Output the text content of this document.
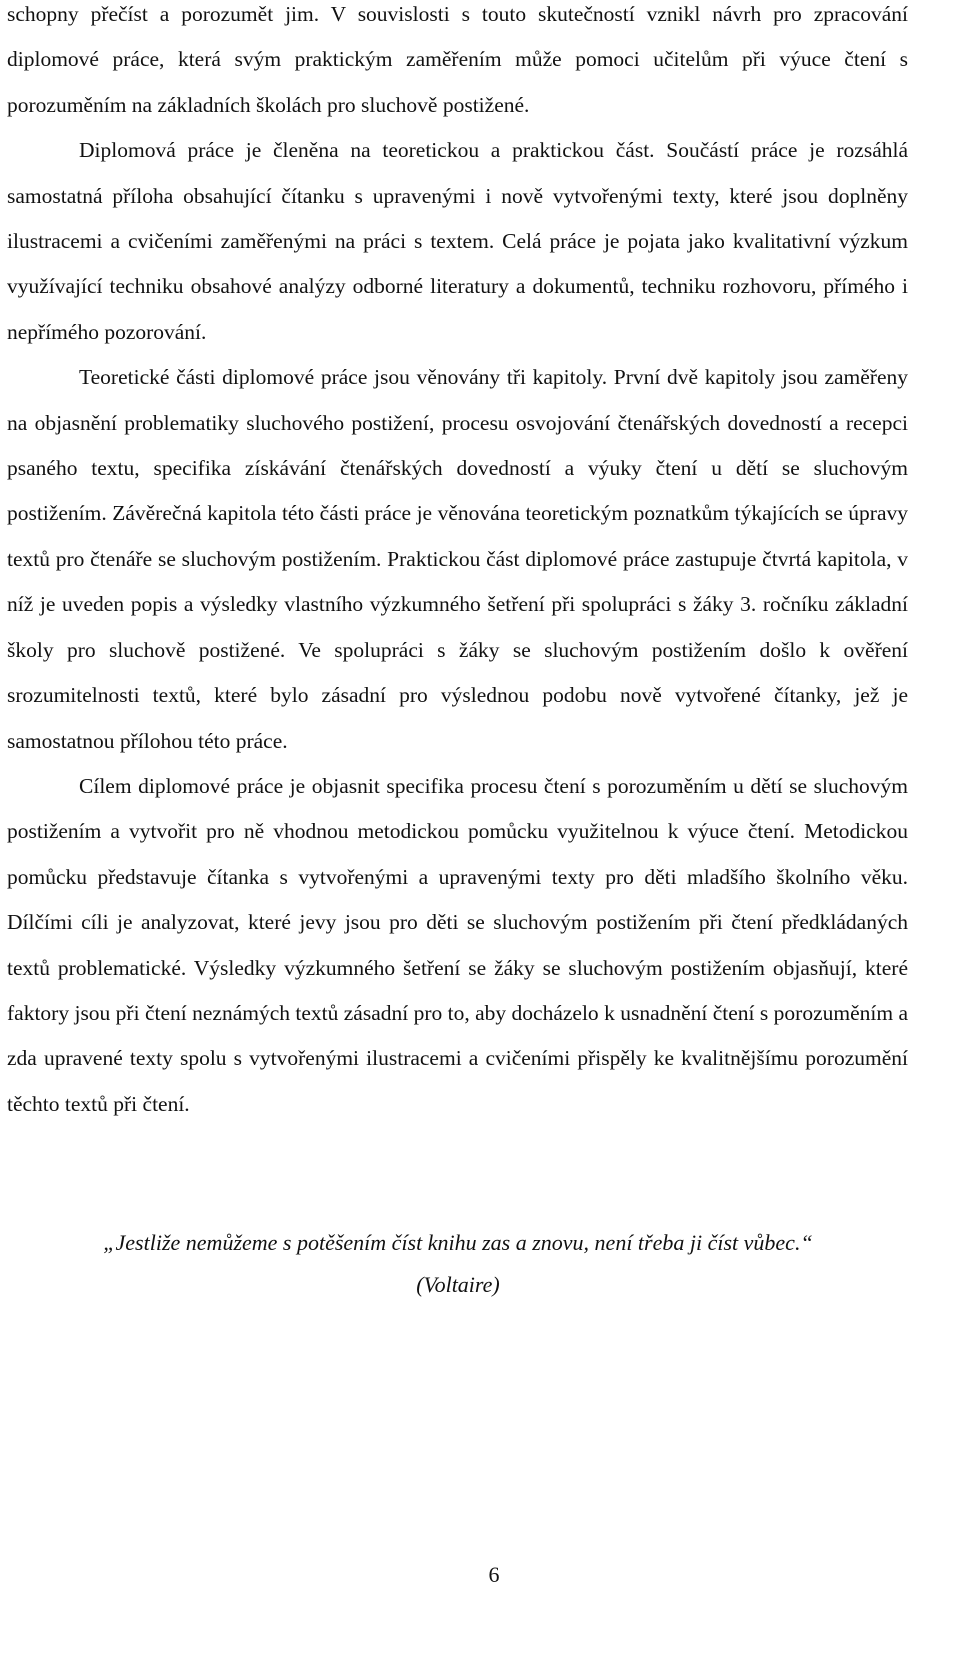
schopny přečíst a porozumět jim. V souvislosti s touto skutečností vznikl návrh pro zpracování diplomové práce, která svým praktickým zaměřením může pomoci učitelům při výuce čtení s porozuměním na základních školách pro sluchově postižené.

Diplomová práce je členěna na teoretickou a praktickou část. Součástí práce je rozsáhlá samostatná příloha obsahující čítanku s upravenými i nově vytvořenými texty, které jsou doplněny ilustracemi a cvičeními zaměřenými na práci s textem. Celá práce je pojata jako kvalitativní výzkum využívající techniku obsahové analýzy odborné literatury a dokumentů, techniku rozhovoru, přímého i nepřímého pozorování.

Teoretické části diplomové práce jsou věnovány tři kapitoly. První dvě kapitoly jsou zaměřeny na objasnění problematiky sluchového postižení, procesu osvojování čtenářských dovedností a recepci psaného textu, specifika získávání čtenářských dovedností a výuky čtení u dětí se sluchovým postižením. Závěrečná kapitola této části práce je věnována teoretickým poznatkům týkajících se úpravy textů pro čtenáře se sluchovým postižením. Praktickou část diplomové práce zastupuje čtvrtá kapitola, v níž je uveden popis a výsledky vlastního výzkumného šetření při spolupráci s žáky 3. ročníku základní školy pro sluchově postižené. Ve spolupráci s žáky se sluchovým postižením došlo k ověření srozumitelnosti textů, které bylo zásadní pro výslednou podobu nově vytvořené čítanky, jež je samostatnou přílohou této práce.

Cílem diplomové práce je objasnit specifika procesu čtení s porozuměním u dětí se sluchovým postižením a vytvořit pro ně vhodnou metodickou pomůcku využitelnou k výuce čtení. Metodickou pomůcku představuje čítanka s vytvořenými a upravenými texty pro děti mladšího školního věku. Dílčími cíli je analyzovat, které jevy jsou pro děti se sluchovým postižením při čtení předkládaných textů problematické. Výsledky výzkumného šetření se žáky se sluchovým postižením objasňují, které faktory jsou při čtení neznámých textů zásadní pro to, aby docházelo k usnadnění čtení s porozuměním a zda upravené texty spolu s vytvořenými ilustracemi a cvičeními přispěly ke kvalitnějšímu porozumění těchto textů při čtení.

„Jestliže nemůžeme s potěšením číst knihu zas a znovu, není třeba ji číst vůbec.“

(Voltaire)

6
